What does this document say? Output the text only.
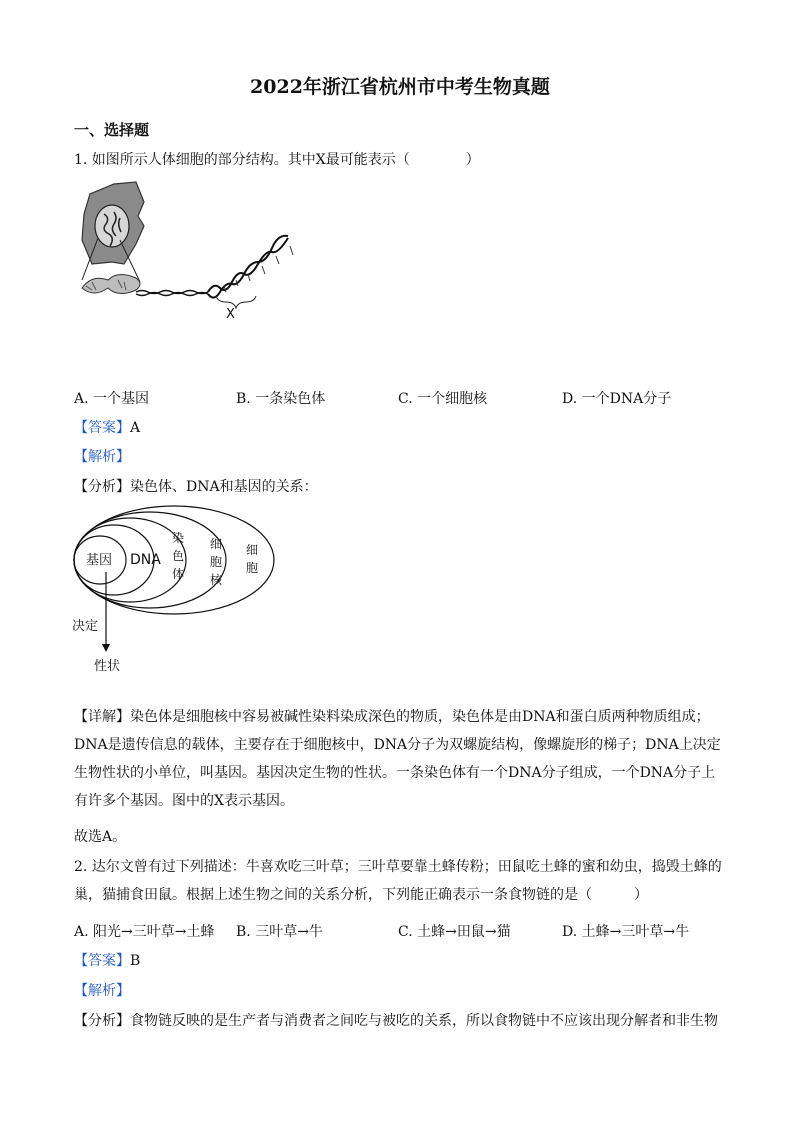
2022年浙江省杭州市中考生物真题
一、选择题
1. 如图所示人体细胞的部分结构。其中X最可能表示（　　　　）
X
A. 一个基因	B. 一条染色体	C. 一个细胞核	D. 一个DNA分子
【答案】A
【解析】
【分析】染色体、DNA和基因的关系：
基因 DNA
染
色
体
细
胞
核
细
胞
决定
性状
【详解】染色体是细胞核中容易被碱性染料染成深色的物质，染色体是由DNA和蛋白质两种物质组成；
DNA是遗传信息的载体，主要存在于细胞核中，DNA分子为双螺旋结构，像螺旋形的梯子；DNA上决定
生物性状的小单位，叫基因。基因决定生物的性状。一条染色体有一个DNA分子组成，一个DNA分子上
有许多个基因。图中的X表示基因。
故选A。
2. 达尔文曾有过下列描述：牛喜欢吃三叶草；三叶草要靠土蜂传粉；田鼠吃土蜂的蜜和幼虫，捣毁土蜂的
巢，猫捕食田鼠。根据上述生物之间的关系分析，下列能正确表示一条食物链的是（　　　）
A. 阳光→三叶草→土蜂 B. 三叶草→牛	C. 土蜂→田鼠→猫	D. 土蜂→三叶草→牛
【答案】B
【解析】
【分析】食物链反映的是生产者与消费者之间吃与被吃的关系，所以食物链中不应该出现分解者和非生物
